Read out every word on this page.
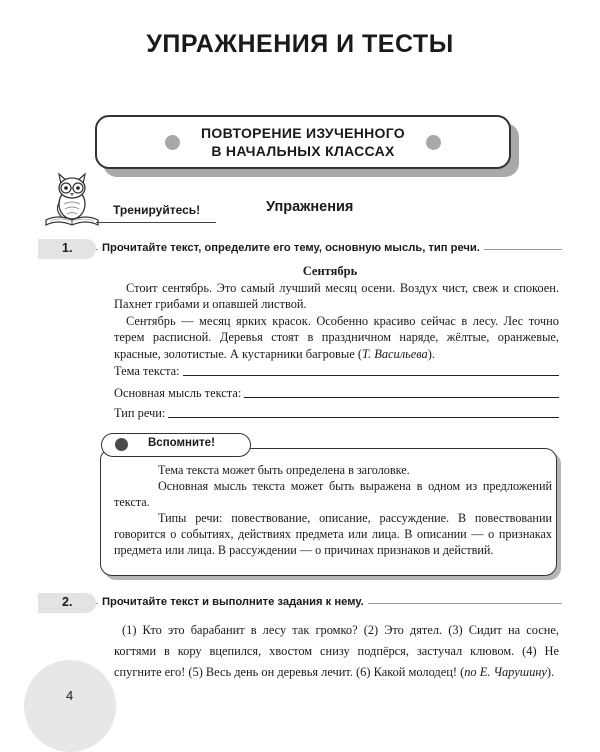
УПРАЖНЕНИЯ И ТЕСТЫ
ПОВТОРЕНИЕ ИЗУЧЕННОГО
В НАЧАЛЬНЫХ КЛАССАХ
Тренируйтесь!	Упражнения
1.	Прочитайте текст, определите его тему, основную мысль, тип речи.
Сентябрь

Стоит сентябрь. Это самый лучший месяц осени. Воздух чист, свеж и спокоен. Пахнет грибами и опавшей листвой.

Сентябрь — месяц ярких красок. Особенно красиво сейчас в лесу. Лес точно терем расписной. Деревья стоят в праздничном наряде, жёлтые, оранжевые, красные, золотистые. А кустарники багровые (Т. Васильева).

Тема текста:
Основная мысль текста:
Тип речи:
Вспомните!

Тема текста может быть определена в заголовке.

Основная мысль текста может быть выражена в одном из предложений текста.

Типы речи: повествование, описание, рассуждение. В повествовании говорится о событиях, действиях предмета или лица. В описании — о признаках предмета или лица. В рассуждении — о причинах признаков и действий.

2.	Прочитайте текст и выполните задания к нему.

(1) Кто это барабанит в лесу так громко? (2) Это дятел. (3) Сидит на сосне, когтями в кору вцепился, хвостом снизу подпёрся, застучал клювом. (4) Не спугните его! (5) Весь день он деревья лечит. (6) Какой молодец! (по Е. Чарушину).

4
